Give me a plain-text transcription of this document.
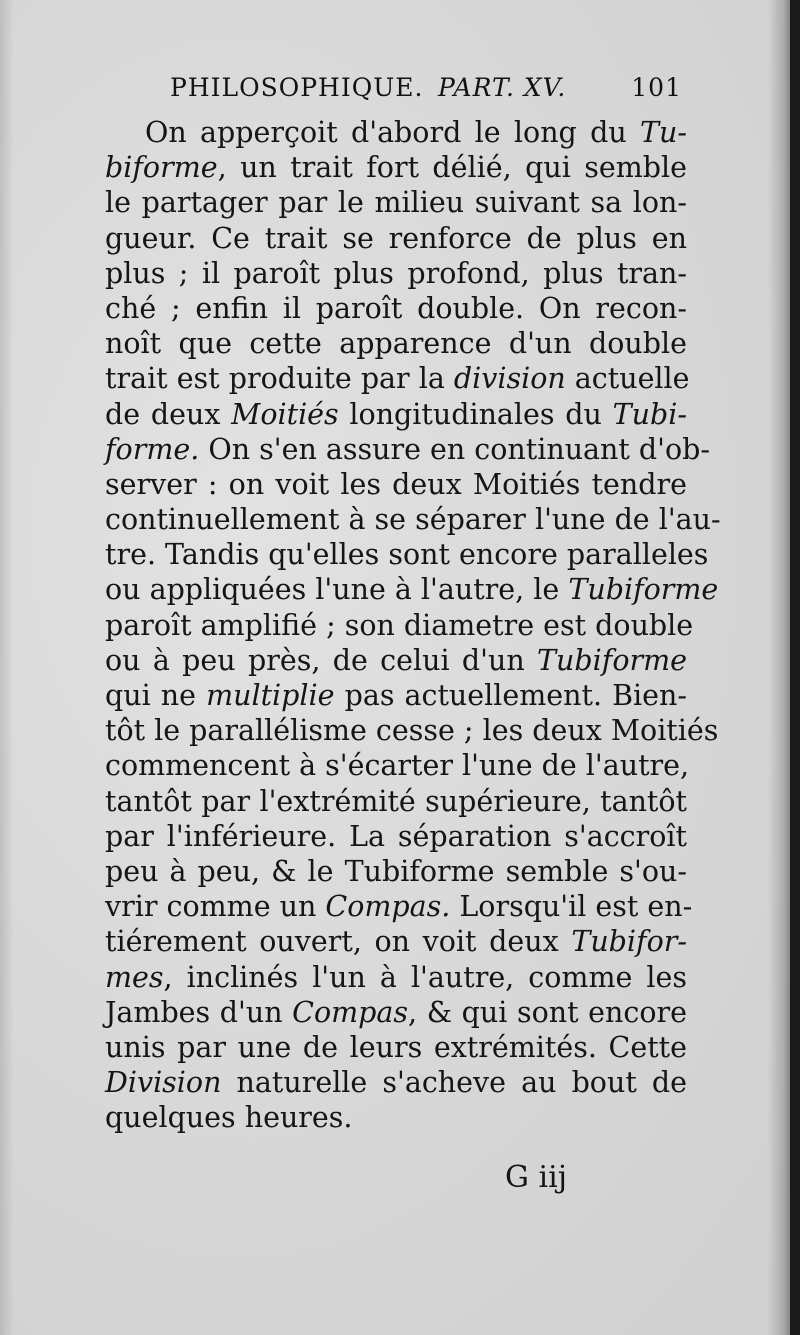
PHILOSOPHIQUE. PART. XV.	101
On apperçoit d'abord le long du Tu-
biforme, un trait fort délié, qui semble
le partager par le milieu suivant sa lon-
gueur. Ce trait se renforce de plus en
plus ; il paroît plus profond, plus tran-
ché ; enfin il paroît double. On recon-
noît que cette apparence d'un double
trait est produite par la division actuelle
de deux Moitiés longitudinales du Tubi-
forme. On s'en assure en continuant d'ob-
server : on voit les deux Moitiés tendre
continuellement à se séparer l'une de l'au-
tre. Tandis qu'elles sont encore paralleles
ou appliquées l'une à l'autre, le Tubiforme
paroît amplifié ; son diametre est double
ou à peu près, de celui d'un Tubiforme
qui ne multiplie pas actuellement. Bien-
tôt le parallélisme cesse ; les deux Moitiés
commencent à s'écarter l'une de l'autre,
tantôt par l'extrémité supérieure, tantôt
par l'inférieure. La séparation s'accroît
peu à peu, & le Tubiforme semble s'ou-
vrir comme un Compas. Lorsqu'il est en-
tiérement ouvert, on voit deux Tubifor-
mes, inclinés l'un à l'autre, comme les
Jambes d'un Compas, & qui sont encore
unis par une de leurs extrémités. Cette
Division naturelle s'acheve au bout de
quelques heures.
G iij
